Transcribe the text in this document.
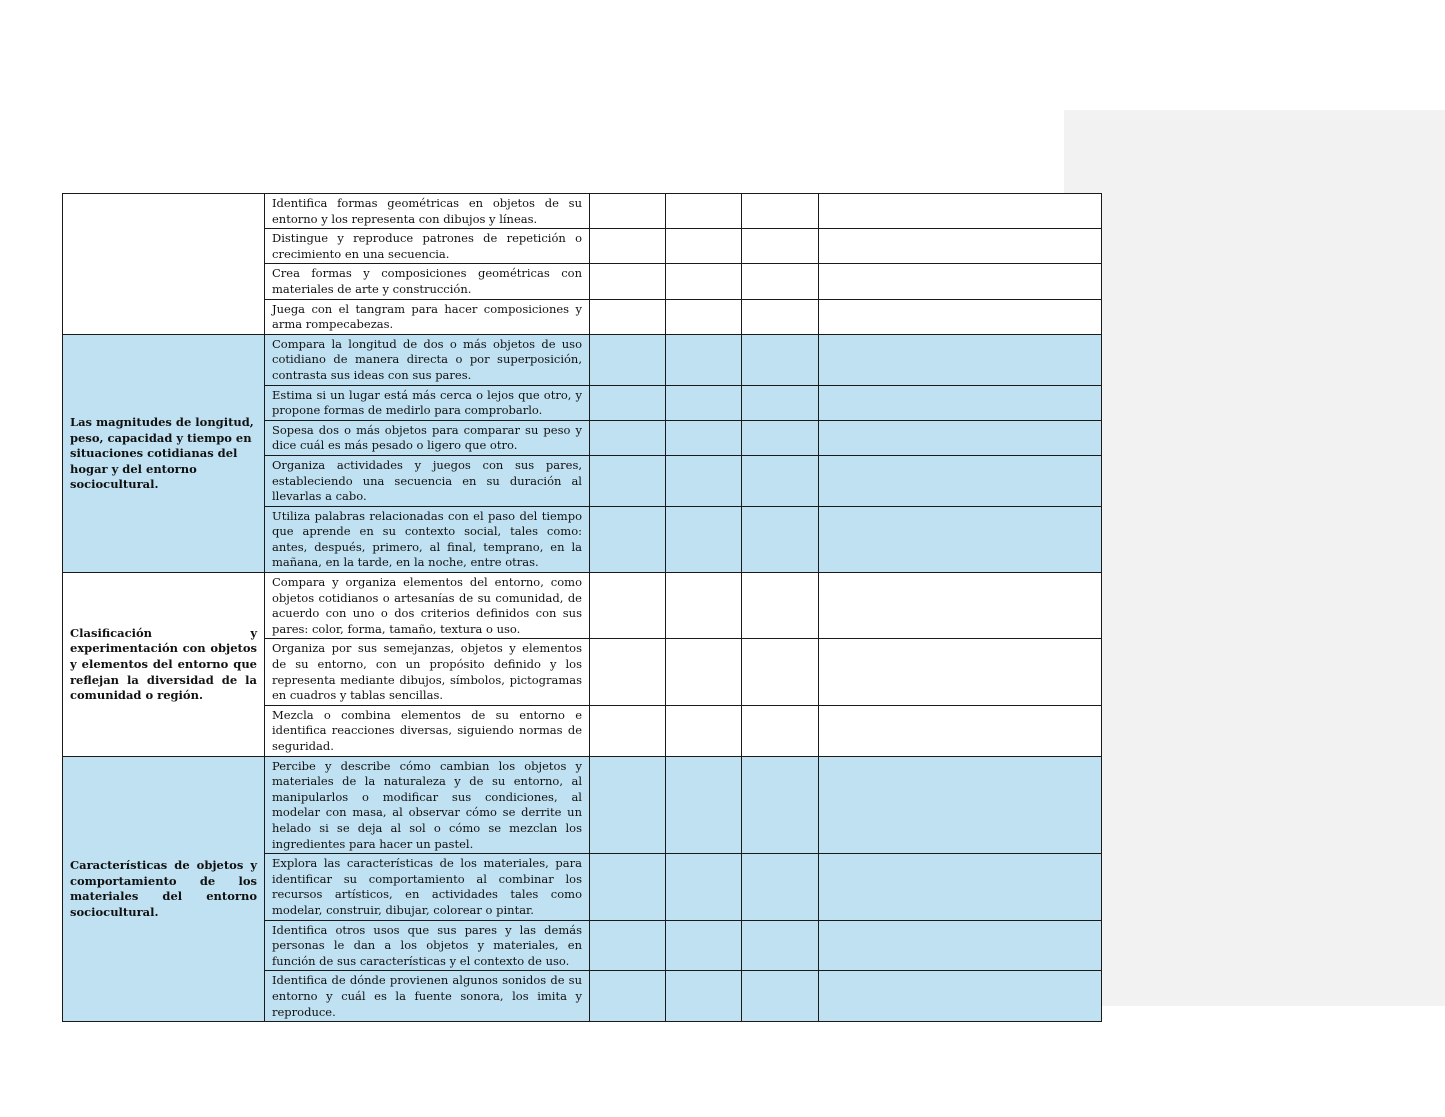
	Identifica formas geométricas en objetos de su entorno y los representa con dibujos y líneas.				
	Distingue y reproduce patrones de repetición o crecimiento en una secuencia.				
	Crea formas y composiciones geométricas con materiales de arte y construcción.				
	Juega con el tangram para hacer composiciones y arma rompecabezas.				
Las magnitudes de longitud, peso, capacidad y tiempo en situaciones cotidianas del hogar y del entorno sociocultural.	Compara la longitud de dos o más objetos de uso cotidiano de manera directa o por superposición, contrasta sus ideas con sus pares.				
	Estima si un lugar está más cerca o lejos que otro, y propone formas de medirlo para comprobarlo.				
	Sopesa dos o más objetos para comparar su peso y dice cuál es más pesado o ligero que otro.				
	Organiza actividades y juegos con sus pares, estableciendo una secuencia en su duración al llevarlas a cabo.				
	Utiliza palabras relacionadas con el paso del tiempo que aprende en su contexto social, tales como: antes, después, primero, al final, temprano, en la mañana, en la tarde, en la noche, entre otras.				
Clasificación y experimentación con objetos y elementos del entorno que reflejan la diversidad de la comunidad o región.	Compara y organiza elementos del entorno, como objetos cotidianos o artesanías de su comunidad, de acuerdo con uno o dos criterios definidos con sus pares: color, forma, tamaño, textura o uso.				
	Organiza por sus semejanzas, objetos y elementos de su entorno, con un propósito definido y los representa mediante dibujos, símbolos, pictogramas en cuadros y tablas sencillas.				
	Mezcla o combina elementos de su entorno e identifica reacciones diversas, siguiendo normas de seguridad.				
Características de objetos y comportamiento de los materiales del entorno sociocultural.	Percibe y describe cómo cambian los objetos y materiales de la naturaleza y de su entorno, al manipularlos o modificar sus condiciones, al modelar con masa, al observar cómo se derrite un helado si se deja al sol o cómo se mezclan los ingredientes para hacer un pastel.				
	Explora las características de los materiales, para identificar su comportamiento al combinar los recursos artísticos, en actividades tales como modelar, construir, dibujar, colorear o pintar.				
	Identifica otros usos que sus pares y las demás personas le dan a los objetos y materiales, en función de sus características y el contexto de uso.				
	Identifica de dónde provienen algunos sonidos de su entorno y cuál es la fuente sonora, los imita y reproduce.				
